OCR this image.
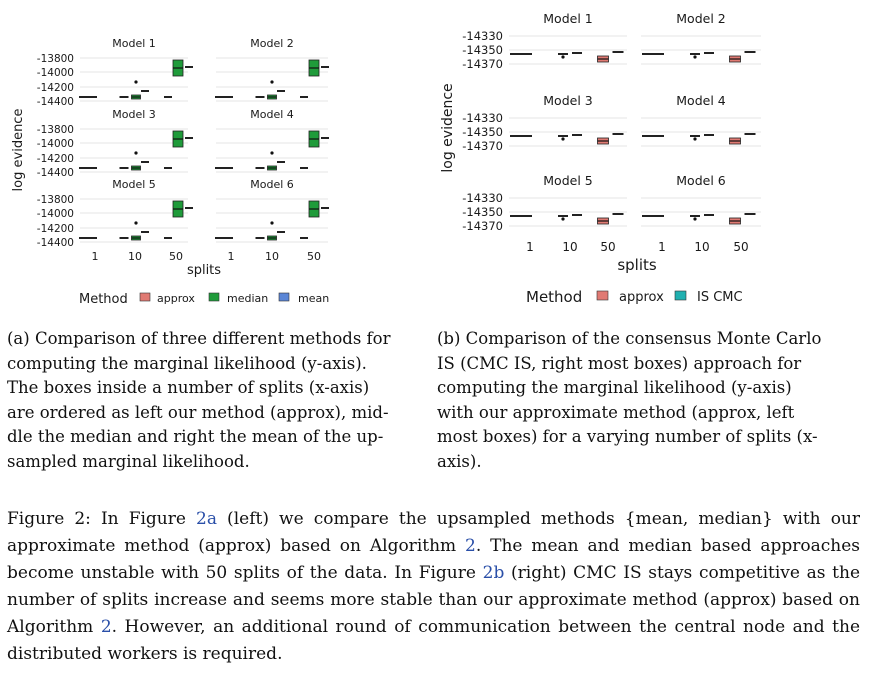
log evidence
Model 1
-13800
-14000
-14200
-14400
Model 2
Model 3
-13800
-14000
-14200
-14400
Model 4
Model 5
-13800
-14000
-14200
-14400
Model 6
1	10 50	1	10	50
splits
Method	approx	median	mean
log evidence
Model 1
-14330
-14350
-14370
Model 2
Model 3
-14330
-14350
-14370
Model 4
Model 5
-14330
-14350
-14370
Model 6
1 10 50	1 10 50
splits
Method	approx	IS CMC
(a) Comparison of three different methods for
computing the marginal likelihood (y-axis).
The boxes inside a number of splits (x-axis)
are ordered as left our method (approx), mid-
dle the median and right the mean of the up-
sampled marginal likelihood.
(b) Comparison of the consensus Monte Carlo
IS (CMC IS, right most boxes) approach for
computing the marginal likelihood (y-axis)
with our approximate method (approx, left
most boxes) for a varying number of splits (x-
axis).
Figure 2: In Figure 2a (left) we compare the upsampled methods {mean, median} with our approximate method (approx) based on Algorithm 2. The mean and median based approaches become unstable with 50 splits of the data. In Figure 2b (right) CMC IS stays competitive as the number of splits increase and seems more stable than our approximate method (approx) based on Algorithm 2. However, an additional round of communication between the central node and the distributed workers is required.
